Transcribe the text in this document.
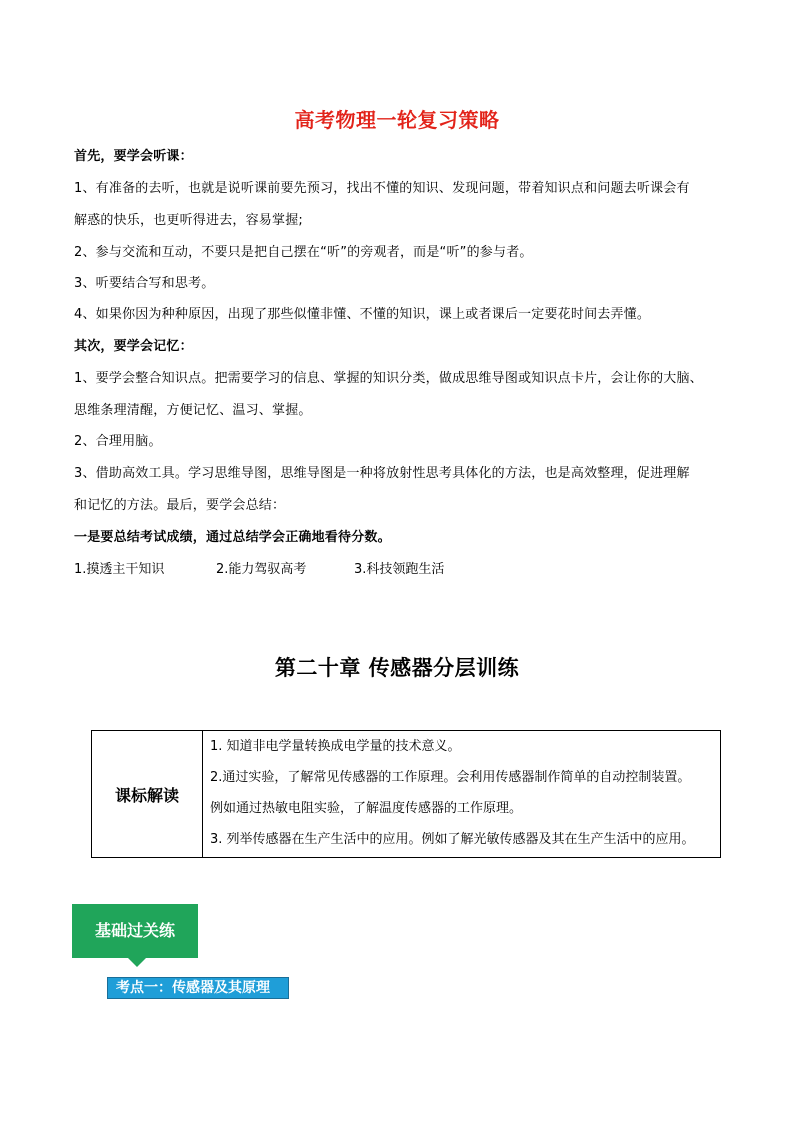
高考物理一轮复习策略
首先，要学会听课：
1、有准备的去听，也就是说听课前要先预习，找出不懂的知识、发现问题，带着知识点和问题去听课会有
解惑的快乐，也更听得进去，容易掌握;
2、参与交流和互动，不要只是把自己摆在“听”的旁观者，而是“听”的参与者。
3、听要结合写和思考。
4、如果你因为种种原因，出现了那些似懂非懂、不懂的知识，课上或者课后一定要花时间去弄懂。
其次，要学会记忆：
1、要学会整合知识点。把需要学习的信息、掌握的知识分类，做成思维导图或知识点卡片，会让你的大脑、
思维条理清醒，方便记忆、温习、掌握。
2、合理用脑。
3、借助高效工具。学习思维导图，思维导图是一种将放射性思考具体化的方法，也是高效整理，促进理解
和记忆的方法。最后，要学会总结：
一是要总结考试成绩，通过总结学会正确地看待分数。
1.摸透主干知识	2.能力驾驭高考	3.科技领跑生活
第二十章 传感器分层训练
课标解读	
1. 知道非电学量转换成电学量的技术意义。
2.通过实验，了解常见传感器的工作原理。会利用传感器制作简单的自动控制装置。
例如通过热敏电阻实验，了解温度传感器的工作原理。
3. 列举传感器在生产生活中的应用。例如了解光敏传感器及其在生产生活中的应用。
基础过关练
考点一：传感器及其原理
